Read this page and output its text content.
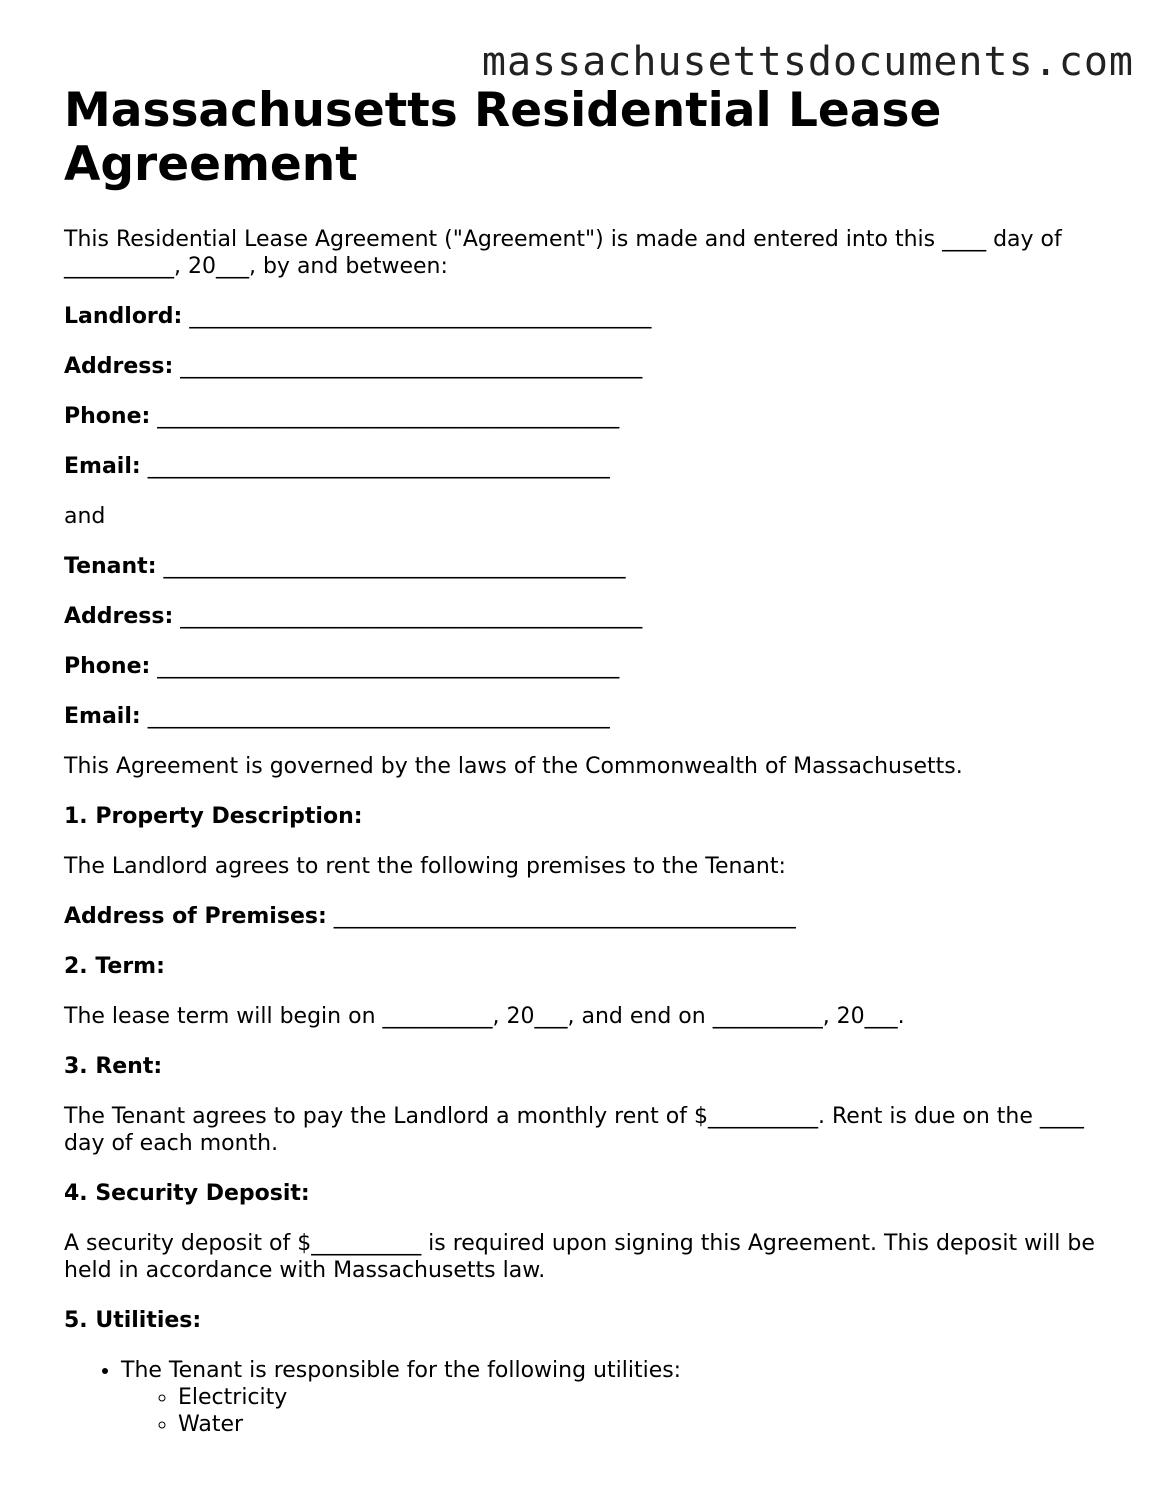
massachusettsdocuments.com
Massachusetts Residential Lease Agreement

This Residential Lease Agreement ("Agreement") is made and entered into this ____ day of __________, 20___, by and between:

Landlord: __________________________________________

Address: __________________________________________

Phone: __________________________________________

Email: __________________________________________

and

Tenant: __________________________________________

Address: __________________________________________

Phone: __________________________________________

Email: __________________________________________

This Agreement is governed by the laws of the Commonwealth of Massachusetts.

1. Property Description:

The Landlord agrees to rent the following premises to the Tenant:

Address of Premises: __________________________________________

2. Term:

The lease term will begin on __________, 20___, and end on __________, 20___.

3. Rent:

The Tenant agrees to pay the Landlord a monthly rent of $__________. Rent is due on the ____ day of each month.

4. Security Deposit:

A security deposit of $__________ is required upon signing this Agreement. This deposit will be held in accordance with Massachusetts law.

5. Utilities:

• The Tenant is responsible for the following utilities:
◦ Electricity
◦ Water
